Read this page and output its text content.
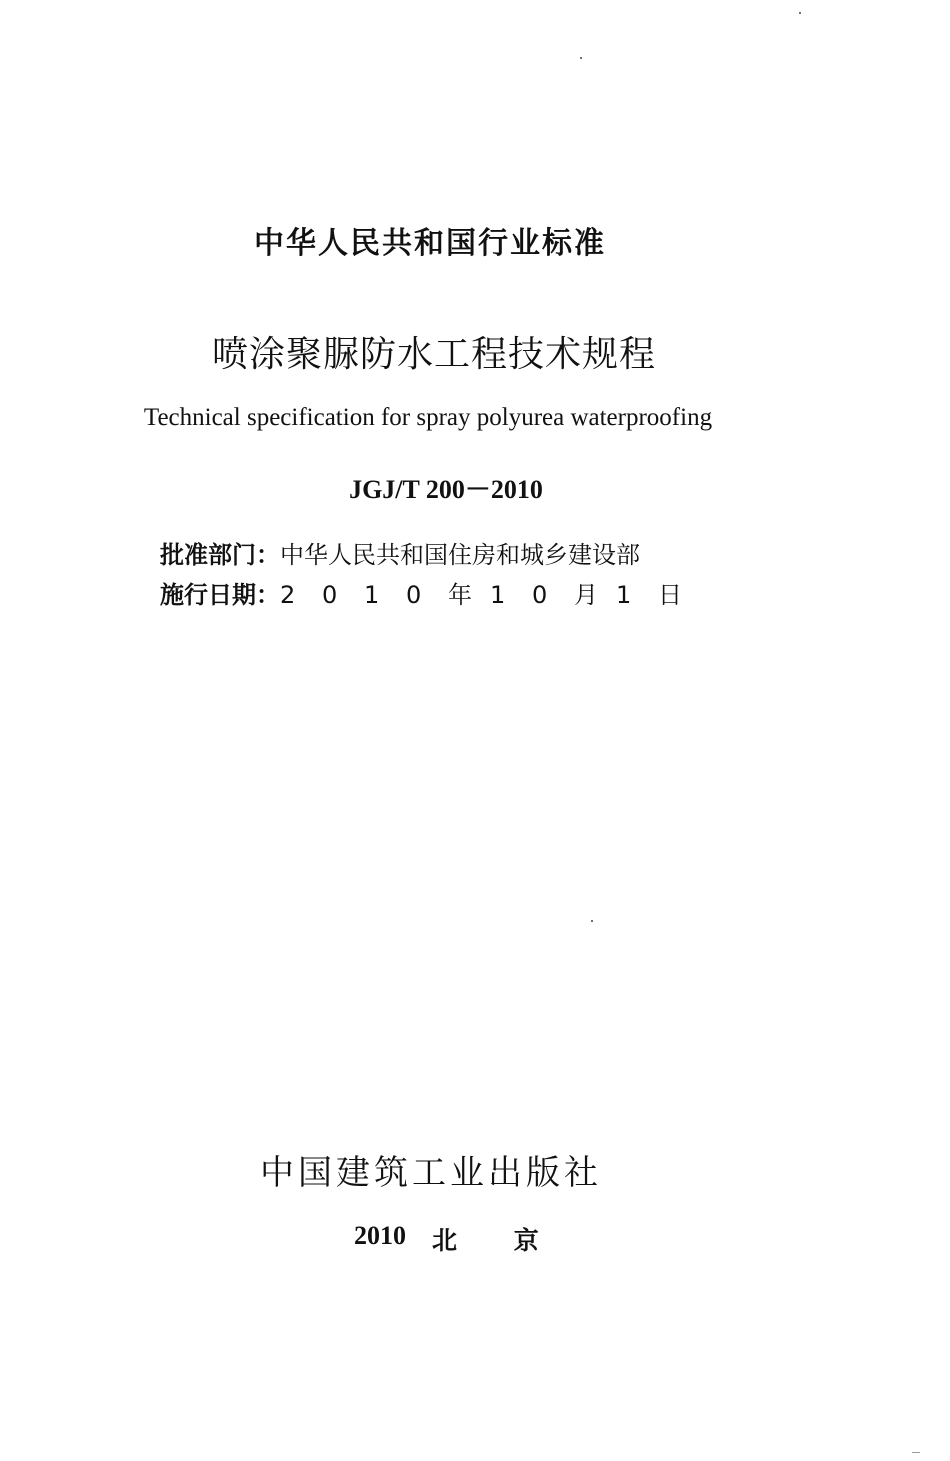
中华人民共和国行业标准
喷涂聚脲防水工程技术规程
Technical specification for spray polyurea waterproofing
JGJ/T 200－2010
批准部门：中华人民共和国住房和城乡建设部
施行日期：2 0 1 0 年 1 0 月 1 日
中国建筑工业出版社
2010 北 京
